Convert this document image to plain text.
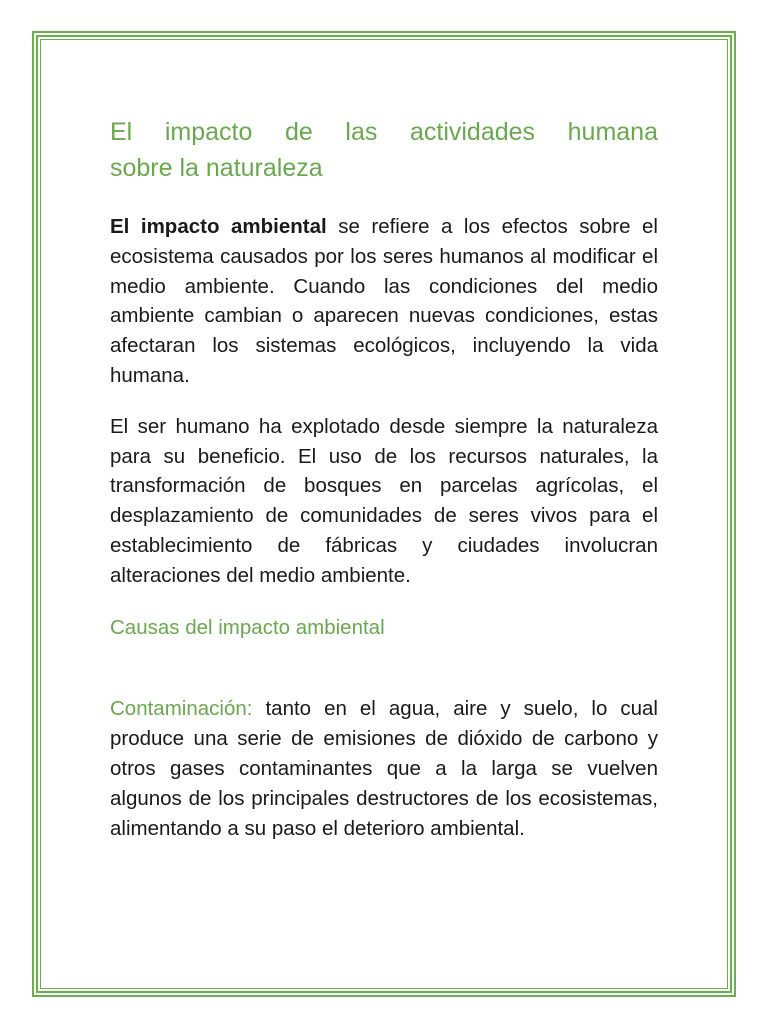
El impacto de las actividades humana
sobre la naturaleza

El impacto ambiental se refiere a los efectos sobre el ecosistema causados por los seres humanos al modificar el medio ambiente. Cuando las condiciones del medio ambiente cambian o aparecen nuevas condiciones, estas afectaran los sistemas ecológicos, incluyendo la vida humana.

El ser humano ha explotado desde siempre la naturaleza para su beneficio. El uso de los recursos naturales, la transformación de bosques en parcelas agrícolas, el desplazamiento de comunidades de seres vivos para el establecimiento de fábricas y ciudades involucran alteraciones del medio ambiente.

Causas del impacto ambiental

Contaminación: tanto en el agua, aire y suelo, lo cual produce una serie de emisiones de dióxido de carbono y otros gases contaminantes que a la larga se vuelven algunos de los principales destructores de los ecosistemas, alimentando a su paso el deterioro ambiental.
